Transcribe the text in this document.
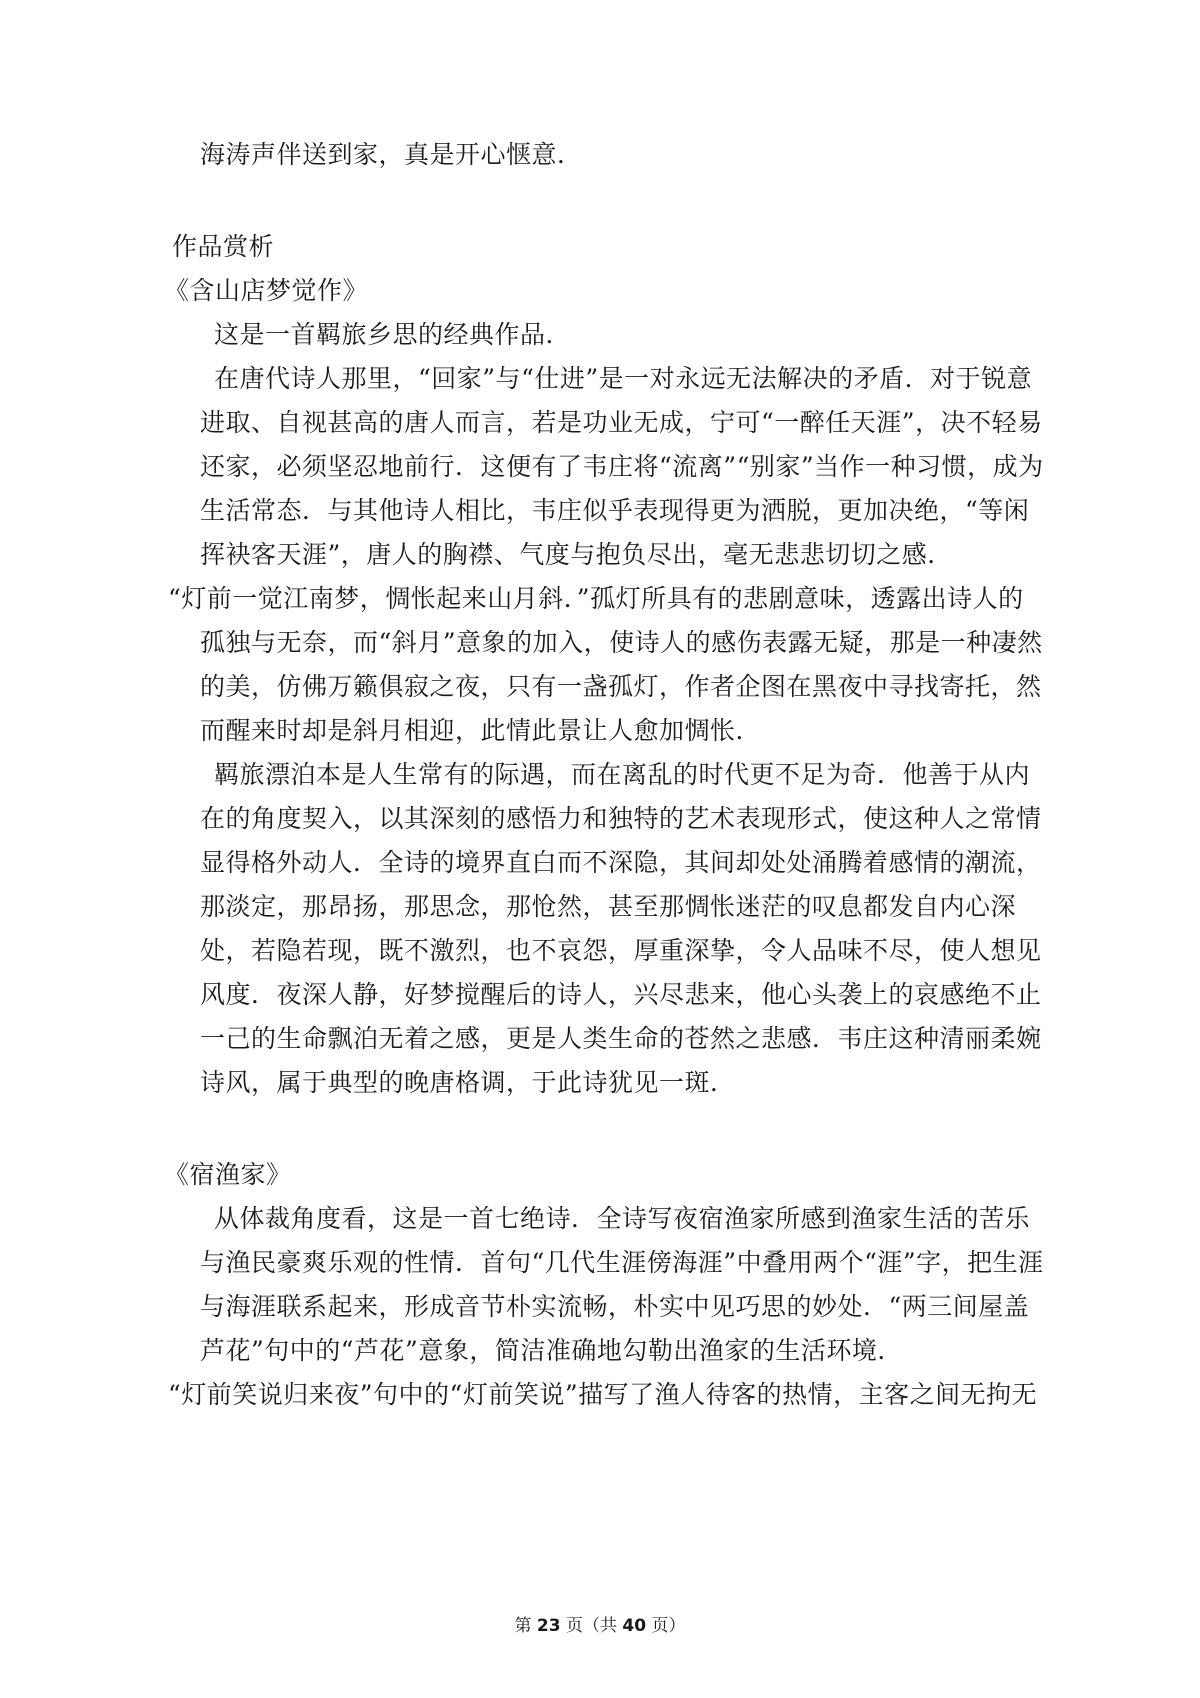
海涛声伴送到家，真是开心惬意．
作品赏析
《含山店梦觉作》
这是一首羁旅乡思的经典作品．
在唐代诗人那里，“回家”与“仕进”是一对永远无法解决的矛盾．对于锐意
进取、自视甚高的唐人而言，若是功业无成，宁可“一醉任天涯”，决不轻易
还家，必须坚忍地前行．这便有了韦庄将“流离”“别家”当作一种习惯，成为
生活常态．与其他诗人相比，韦庄似乎表现得更为洒脱，更加决绝，“等闲
挥袂客天涯”，唐人的胸襟、气度与抱负尽出，毫无悲悲切切之感．
“灯前一觉江南梦，惆怅起来山月斜．”孤灯所具有的悲剧意味，透露出诗人的
孤独与无奈，而“斜月”意象的加入，使诗人的感伤表露无疑，那是一种凄然
的美，仿佛万籁俱寂之夜，只有一盏孤灯，作者企图在黑夜中寻找寄托，然
而醒来时却是斜月相迎，此情此景让人愈加惆怅．
羁旅漂泊本是人生常有的际遇，而在离乱的时代更不足为奇．他善于从内
在的角度契入，以其深刻的感悟力和独特的艺术表现形式，使这种人之常情
显得格外动人．全诗的境界直白而不深隐，其间却处处涌腾着感情的潮流，
那淡定，那昂扬，那思念，那怆然，甚至那惆怅迷茫的叹息都发自内心深
处，若隐若现，既不激烈，也不哀怨，厚重深挚，令人品味不尽，使人想见
风度．夜深人静，好梦搅醒后的诗人，兴尽悲来，他心头袭上的哀感绝不止
一己的生命飘泊无着之感，更是人类生命的苍然之悲感．韦庄这种清丽柔婉
诗风，属于典型的晚唐格调，于此诗犹见一斑．
《宿渔家》
从体裁角度看，这是一首七绝诗．全诗写夜宿渔家所感到渔家生活的苦乐
与渔民豪爽乐观的性情．首句“几代生涯傍海涯”中叠用两个“涯”字，把生涯
与海涯联系起来，形成音节朴实流畅，朴实中见巧思的妙处．“两三间屋盖
芦花”句中的“芦花”意象，简洁准确地勾勒出渔家的生活环境．
“灯前笑说归来夜”句中的“灯前笑说”描写了渔人待客的热情，主客之间无拘无
第 23 页（共 40 页）
